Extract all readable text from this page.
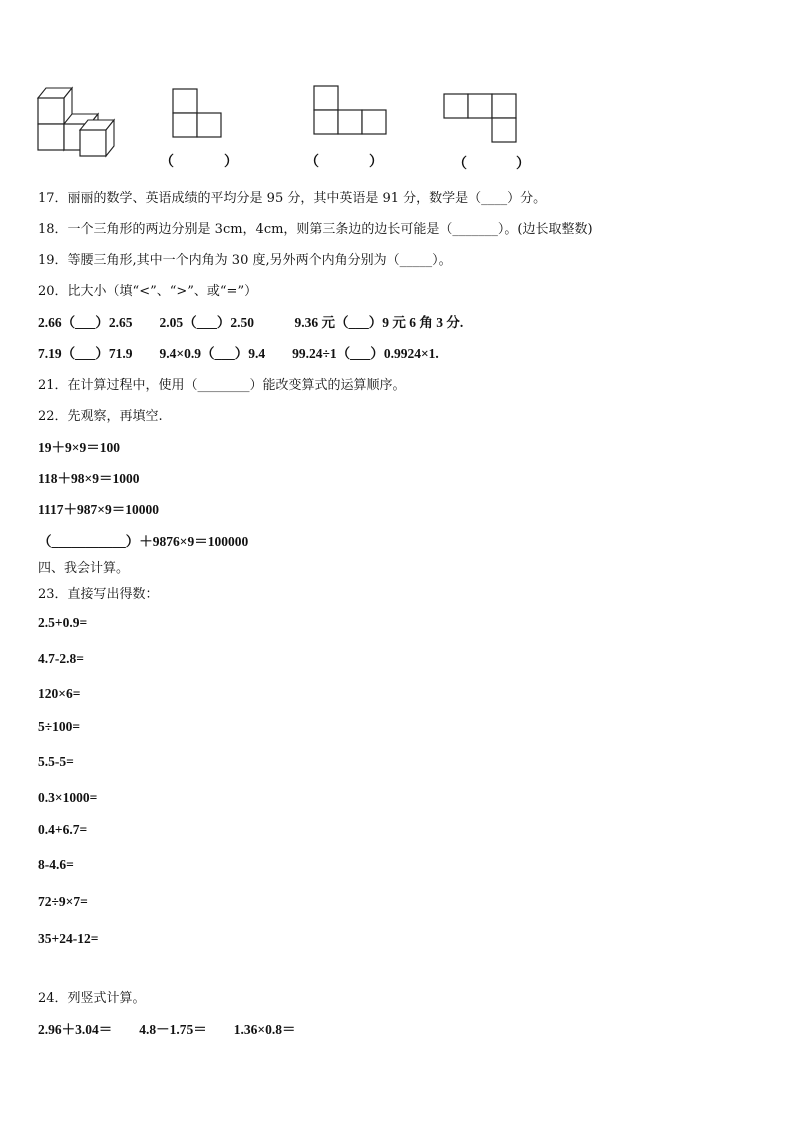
（	）	（	）	（	）
17．丽丽的数学、英语成绩的平均分是 95 分，其中英语是 91 分，数学是（____）分。
18．一个三角形的两边分别是 3cm，4cm，则第三条边的边长可能是（_______）。(边长取整数)
19．等腰三角形,其中一个内角为 30 度,另外两个内角分别为（_____）。
20．比大小（填“<”、“>”、或“=”）
2.66（___）2.65　　2.05（___）2.50　　　9.36 元（___）9 元 6 角 3 分.
7.19（___）71.9　　9.4×0.9（___）9.4　　99.24÷1（___）0.9924×1.
21．在计算过程中，使用（________）能改变算式的运算顺序。
22．先观察，再填空.
19＋9×9＝100
118＋98×9＝1000
1117＋987×9＝10000
（___________）＋9876×9＝100000
四、我会计算。
23．直接写出得数：
2.5+0.9=
4.7-2.8=
120×6=
5÷100=
5.5-5=
0.3×1000=
0.4+6.7=
8-4.6=
72÷9×7=
35+24-12=
24．列竖式计算。
2.96＋3.04＝　　4.8－1.75＝　　1.36×0.8＝
